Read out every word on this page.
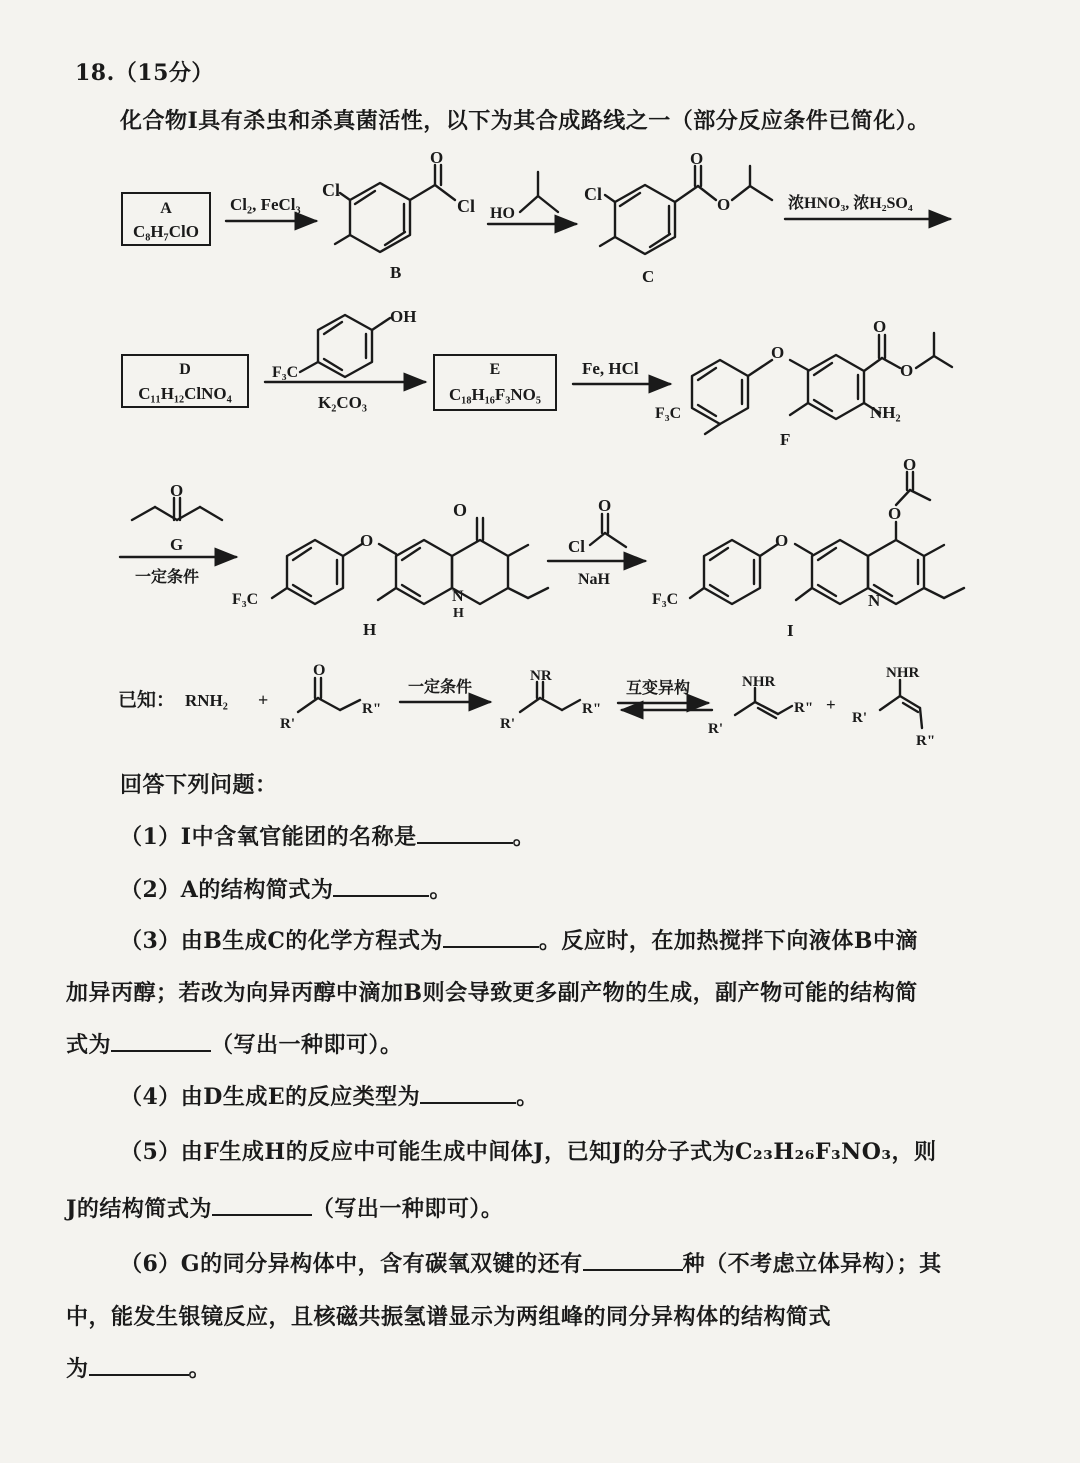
18.（15分）
化合物I具有杀虫和杀真菌活性，以下为其合成路线之一（部分反应条件已简化）。
A
C₈H₇ClO
Cl₂, FeCl₃
Cl
O
Cl
B
HO
Cl
O
O
C
浓HNO₃, 浓H₂SO₄
D
C₁₁H₁₂ClNO₄
OH
F₃C
K₂CO₃
E
C₁₈H₁₆F₃NO₅
Fe, HCl
F₃C
O
NH₂
O
O
F
O
G
一定条件
F₃C
O
O
N
H
H
O
Cl
NaH
F₃C
O
O
O
N
I
已知： RNH₂ +
O
R'
R"
一定条件
NR
R'
R"
互变异构	NHR
R'
R" +
NHR
R'
R"
回答下列问题：
（1）I中含氧官能团的名称是	。
（2）A的结构简式为	。
（3）由B生成C的化学方程式为	。反应时，在加热搅拌下向液体B中滴
加异丙醇；若改为向异丙醇中滴加B则会导致更多副产物的生成，副产物可能的结构简
式为	（写出一种即可）。
（4）由D生成E的反应类型为	。
（5）由F生成H的反应中可能生成中间体J，已知J的分子式为C₂₃H₂₆F₃NO₃，则
J的结构简式为	（写出一种即可）。
（6）G的同分异构体中，含有碳氧双键的还有	种（不考虑立体异构）；其
中，能发生银镜反应，且核磁共振氢谱显示为两组峰的同分异构体的结构简式
为	。
